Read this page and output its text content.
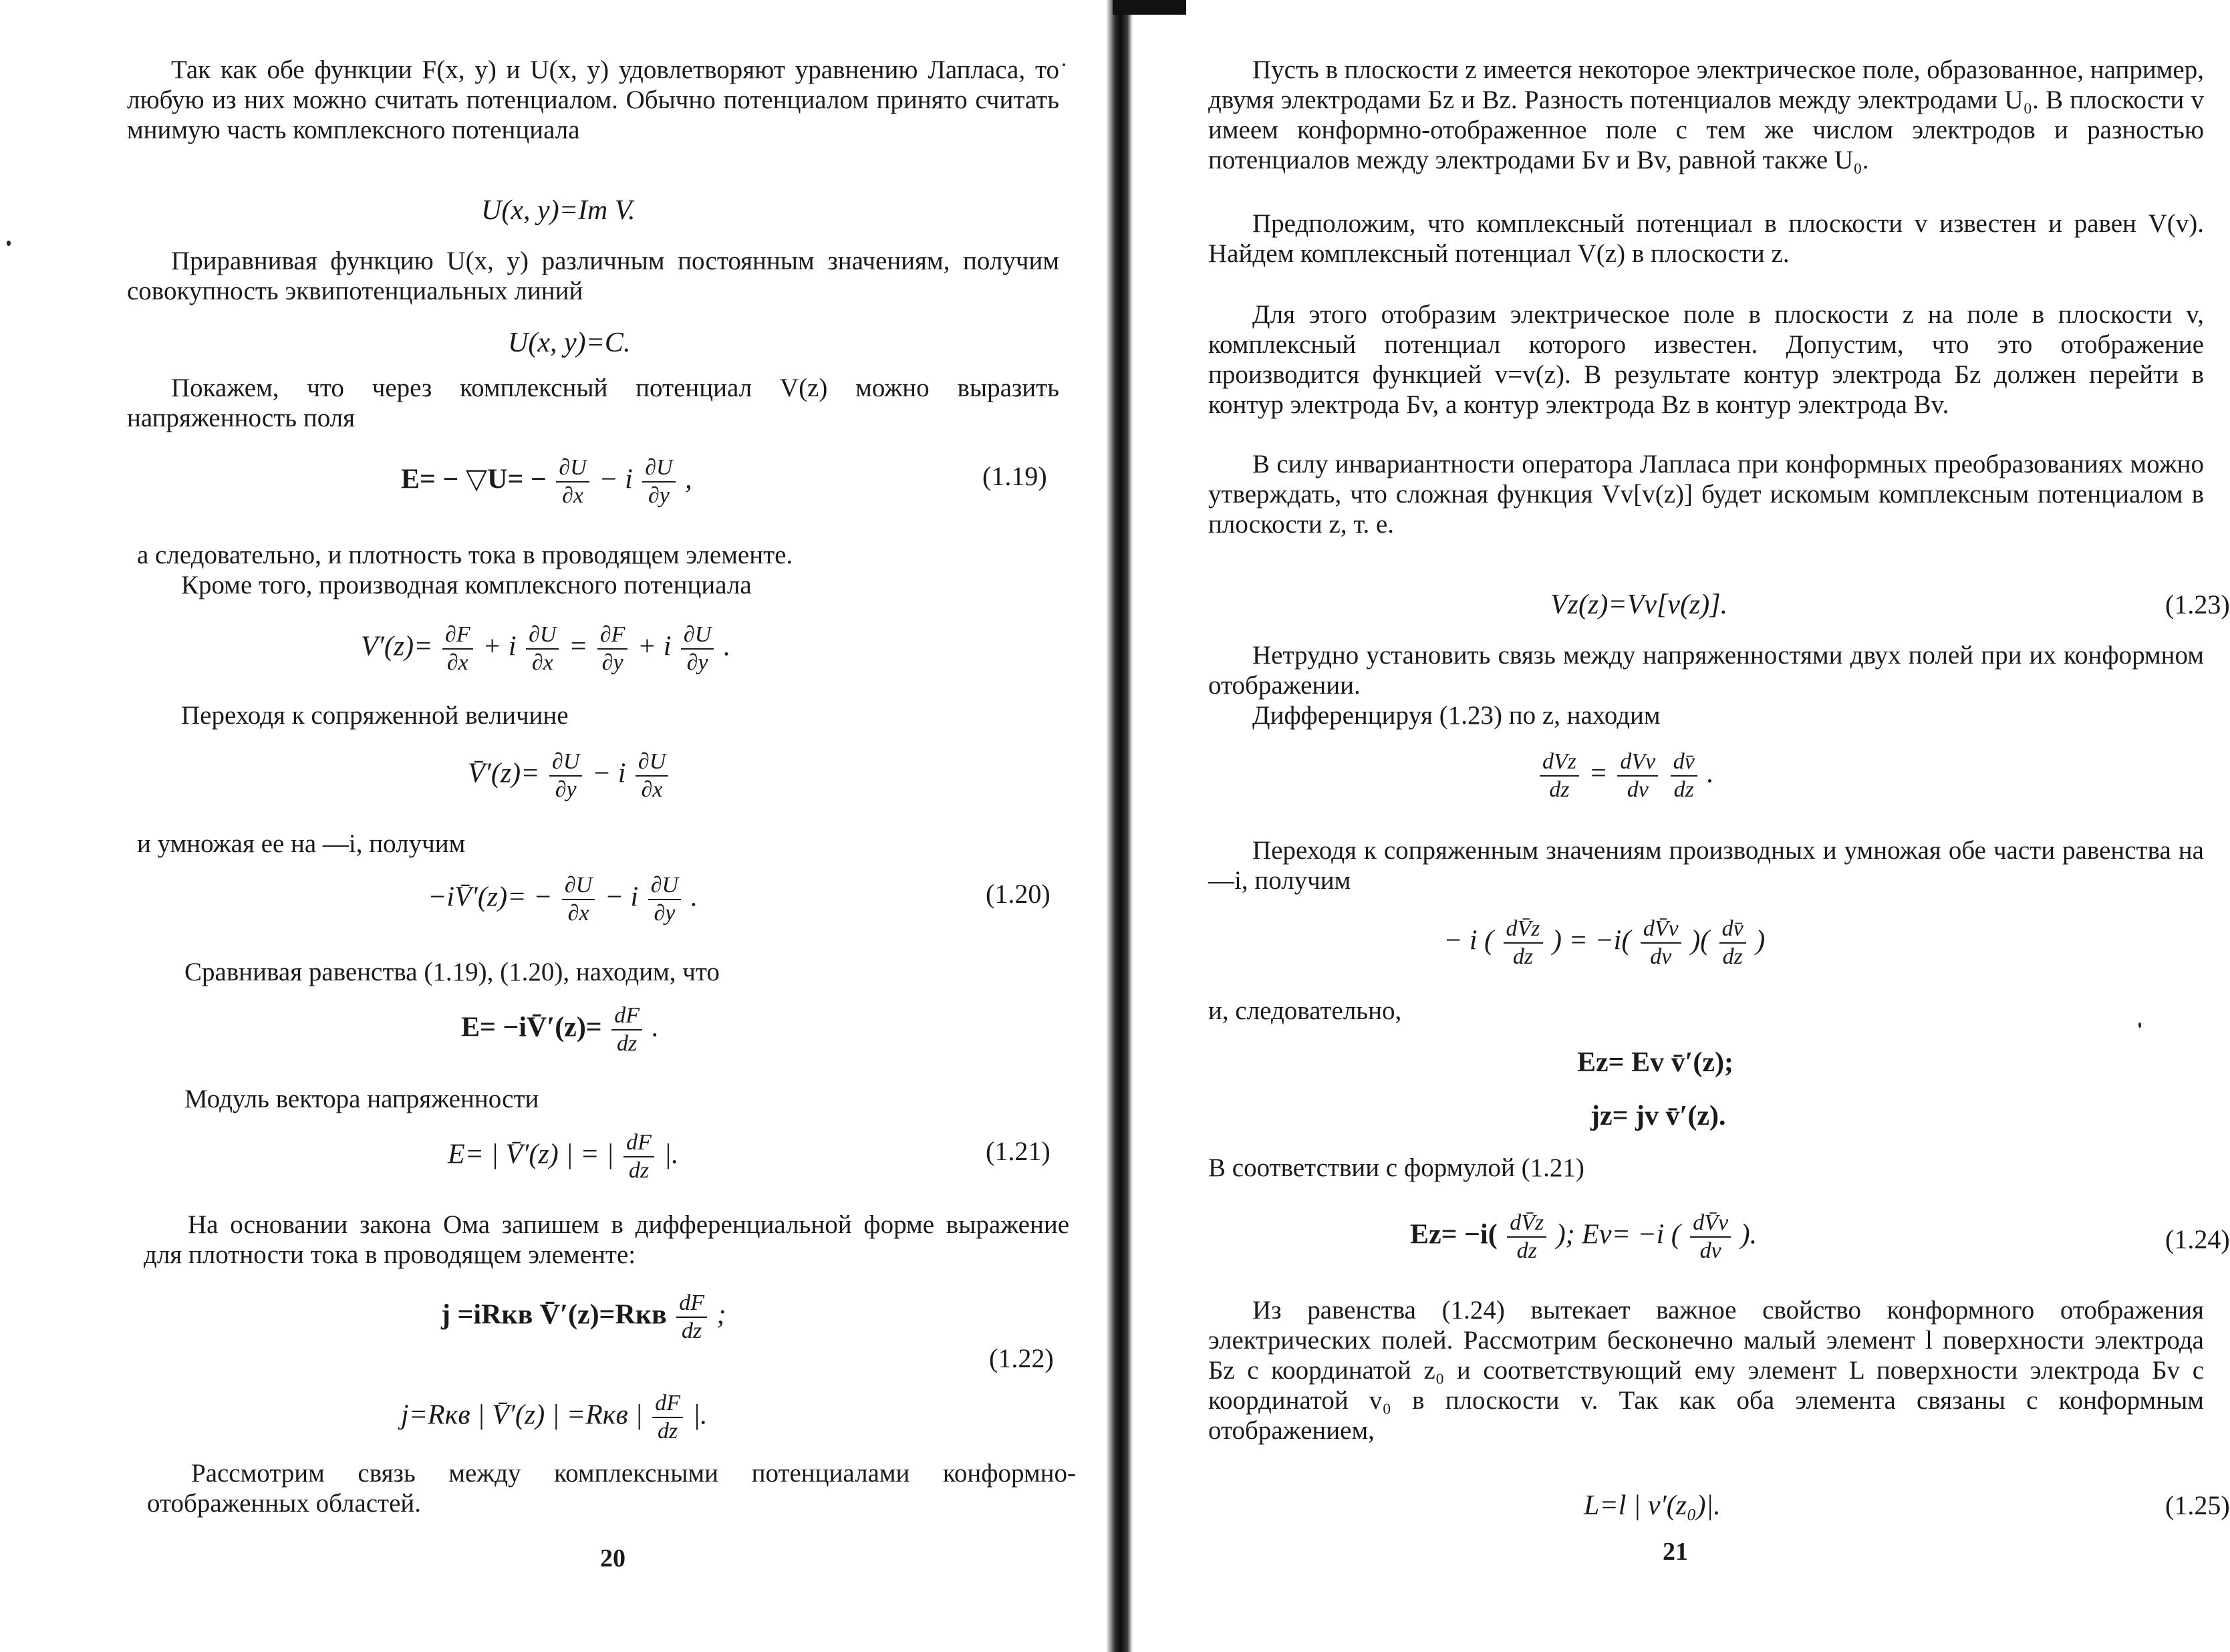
Так как обе функции F(x, y) и U(x, y) удовлетворяют уравнению Лапласа, то любую из них можно считать потенциалом. Обычно потенциалом принято считать мнимую часть комплексного потенциала

U(x, y)=Im V.

Приравнивая функцию U(x, y) различным постоянным значениям, получим совокупность эквипотенциальных линий

U(x, y)=C.

Покажем, что через комплексный потенциал V(z) можно выразить напряженность поля

E= − ▽U= − $\frac{\partial U}{\partial x} - i \frac{\partial U}{\partial y}$ ,	(1.19)

а следовательно, и плотность тока в проводящем элементе.

Кроме того, производная комплексного потенциала

$V'(z)= \frac{\partial F}{\partial x} + i \frac{\partial U}{\partial x} = \frac{\partial F}{\partial y} + i \frac{\partial U}{\partial y}$ .

Переходя к сопряженной величине

V̄′(z)= $\frac{\partial U}{\partial y} - i \frac{\partial U}{\partial x}$

и умножая ее на —i, получим

−iV̄′(z)= − $\frac{\partial U}{\partial x} - i \frac{\partial U}{\partial y}$ .	(1.20)

Сравнивая равенства (1.19), (1.20), находим, что

E= −iV̄′(z)= $\frac{dF}{dz}$ .

Модуль вектора напряженности

E= | V̄′(z) | = | $\frac{dF}{dz}$ |.	(1.21)

На основании закона Ома запишем в дифференциальной форме выражение для плотности тока в проводящем элементе:

j =iRкв V̄′(z)=Rкв $\frac{dF}{dz}$ ;
(1.22)
j=Rкв | V̄′(z) | =Rкв | $\frac{dF}{dz}$ |.

Рассмотрим связь между комплексными потенциалами конформно-отображенных областей.

20

Пусть в плоскости z имеется некоторое электрическое поле, образованное, например, двумя электродами Бz и Вz. Разность потенциалов между электродами U₀. В плоскости v имеем конформно-отображенное поле с тем же числом электродов и разностью потенциалов между электродами Бv и Вv, равной также U₀.

Предположим, что комплексный потенциал в плоскости v известен и равен V(v). Найдем комплексный потенциал V(z) в плоскости z.

Для этого отобразим электрическое поле в плоскости z на поле в плоскости v, комплексный потенциал которого известен. Допустим, что это отображение производится функцией v=v(z). В результате контур электрода Бz должен перейти в контур электрода Бv, а контур электрода Вz в контур электрода Вv.

В силу инвариантности оператора Лапласа при конформных преобразованиях можно утверждать, что сложная функция Vv[v(z)] будет искомым комплексным потенциалом в плоскости z, т. е.

Vz(z)=Vv[v(z)].	(1.23)

Нетрудно установить связь между напряженностями двух полей при их конформном отображении.

Дифференцируя (1.23) по z, находим

$\frac{\text{dVz}}{dz} = \frac{\text{dVv}}{dv}$
$\frac{dv̄}{dz}$ .

Переходя к сопряженным значениям производных и умножая обе части равенства на —i, получим

− i ( $\frac{dV̄z}{dz}$ ) = $-i( \frac{dV̄v}{dv}$ )( $\frac{dv̄}{dz}$ )

и, следовательно,

Ez= Ev v̄′(z);
jz= jv v̄′(z).

В соответствии с формулой (1.21)

$Ez= -i( \frac{dV̄z}{dz}$ ); Ev= −i ( $\frac{dV̄v}{dv}$ ).	(1.24)

Из равенства (1.24) вытекает важное свойство конформного отображения электрических полей. Рассмотрим бесконечно малый элемент l поверхности электрода Бz с координатой z₀ и соответствующий ему элемент L поверхности электрода Бv с координатой v₀ в плоскости v. Так как оба элемента связаны с конформным отображением,

L=l | v′(z₀)|.	(1.25)
21
